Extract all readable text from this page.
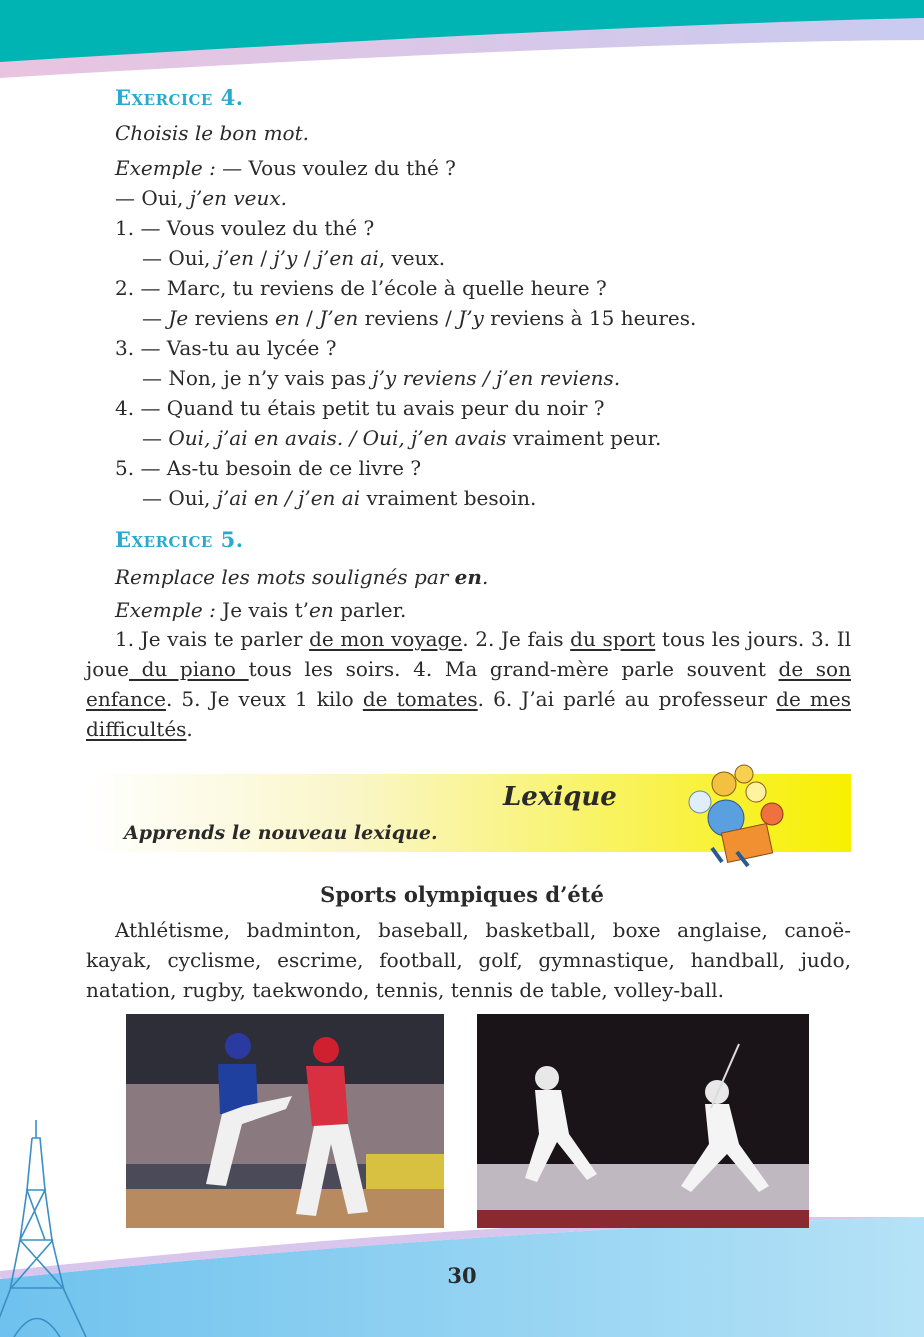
Exercice 4.
Choisis le bon mot.
Exemple : — Vous voulez du thé ?
— Oui, j’en veux.
1. — Vous voulez du thé ?
— Oui, j’en / j’y / j’en ai, veux.
2. — Marc, tu reviens de l’école à quelle heure ?
— Je reviens en / J’en reviens / J’y reviens à 15 heures.
3. — Vas-tu au lycée ?
— Non, je n’y vais pas j’y reviens / j’en reviens.
4. — Quand tu étais petit tu avais peur du noir ?
— Oui, j’ai en avais. / Oui, j’en avais vraiment peur.
5. — As-tu besoin de ce livre ?
— Oui, j’ai en / j’en ai vraiment besoin.
Exercice 5.
Remplace les mots soulignés par en.
Exemple : Je vais t’en parler.
1. Je vais te parler de mon voyage. 2. Je fais du sport tous les jours. 3. Il joue du piano tous les soirs. 4. Ma grand-mère parle souvent de son enfance. 5. Je veux 1 kilo de tomates. 6. J’ai parlé au professeur de mes difficultés.
Lexique
Apprends le nouveau lexique.
Sports olympiques d’été
Athlétisme, badminton, baseball, basketball, boxe anglaise, canoë-kayak, cyclisme, escrime, football, golf, gymnastique, handball, judo, natation, rugby, taekwondo, tennis, tennis de table, volley-ball.
30
